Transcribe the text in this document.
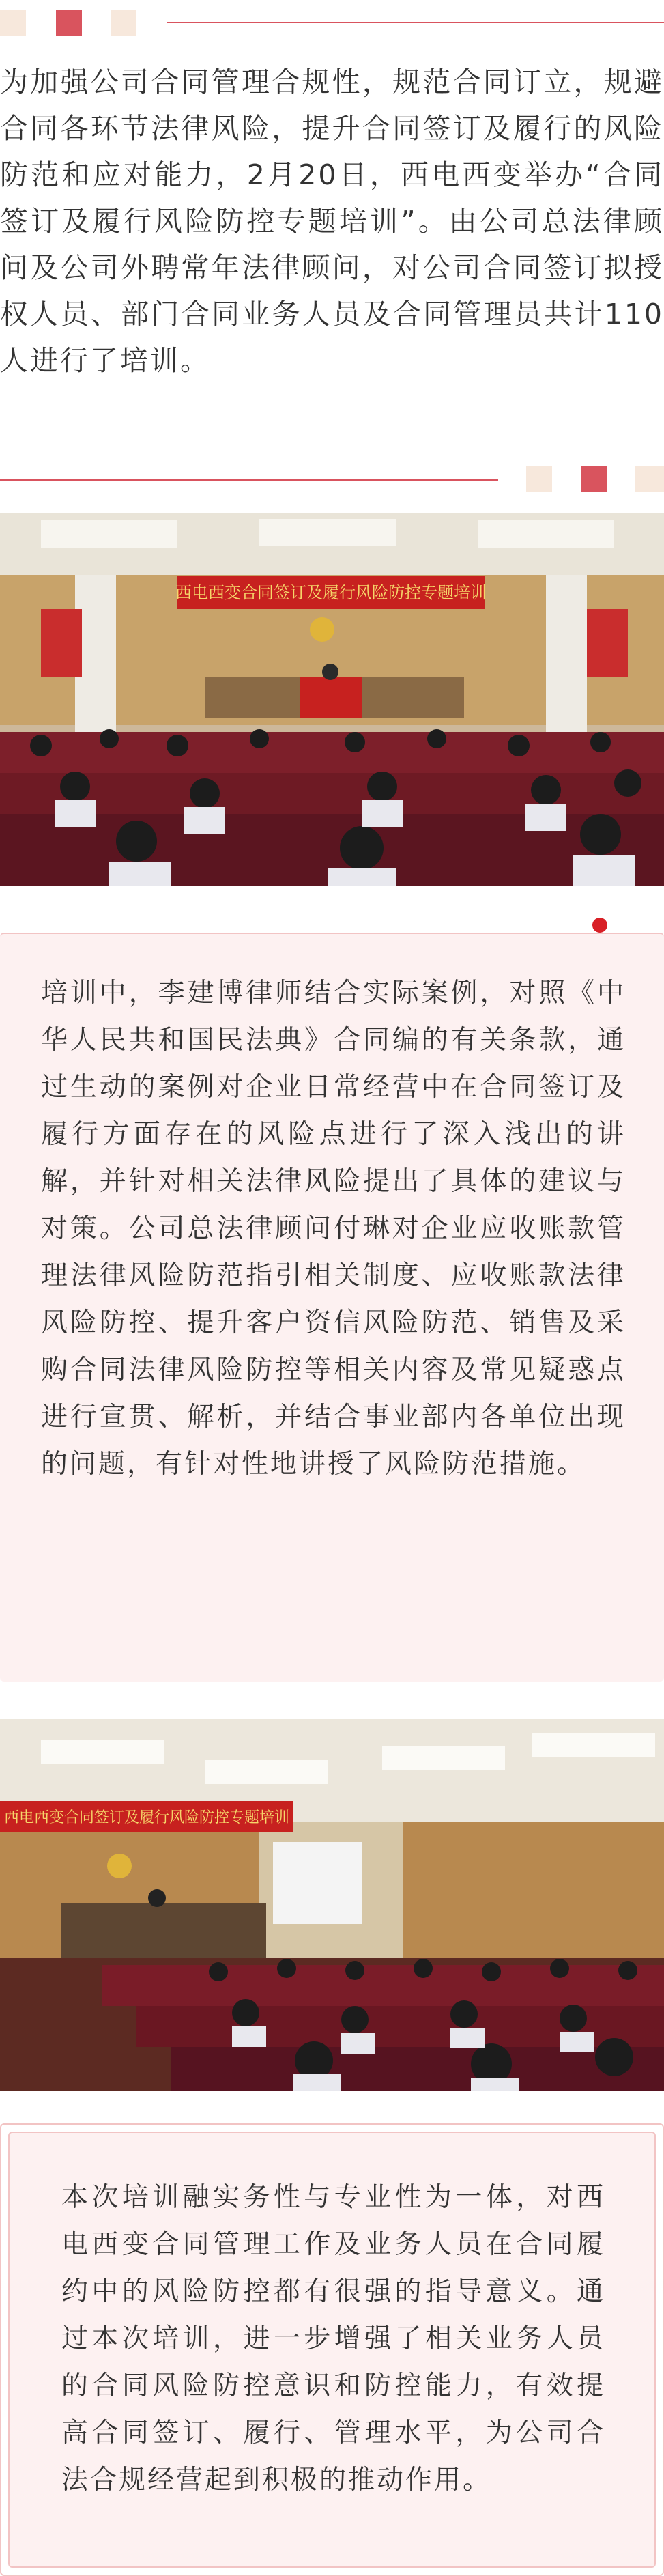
为加强公司合同管理合规性，规范合同订立，规避合同各环节法律风险，提升合同签订及履行的风险防范和应对能力，2月20日，西电西变举办“合同签订及履行风险防控专题培训”。由公司总法律顾问及公司外聘常年法律顾问，对公司合同签订拟授权人员、部门合同业务人员及合同管理员共计110人进行了培训。
西电西变合同签订及履行风险防控专题培训
培训中，李建博律师结合实际案例，对照《中华人民共和国民法典》合同编的有关条款，通过生动的案例对企业日常经营中在合同签订及履行方面存在的风险点进行了深入浅出的讲解，并针对相关法律风险提出了具体的建议与对策。公司总法律顾问付琳对企业应收账款管理法律风险防范指引相关制度、应收账款法律风险防控、提升客户资信风险防范、销售及采购合同法律风险防控等相关内容及常见疑惑点进行宣贯、解析，并结合事业部内各单位出现的问题，有针对性地讲授了风险防范措施。
西电西变合同签订及履行风险防控专题培训
本次培训融实务性与专业性为一体，对西电西变合同管理工作及业务人员在合同履约中的风险防控都有很强的指导意义。通过本次培训，进一步增强了相关业务人员的合同风险防控意识和防控能力，有效提高合同签订、履行、管理水平，为公司合法合规经营起到积极的推动作用。
